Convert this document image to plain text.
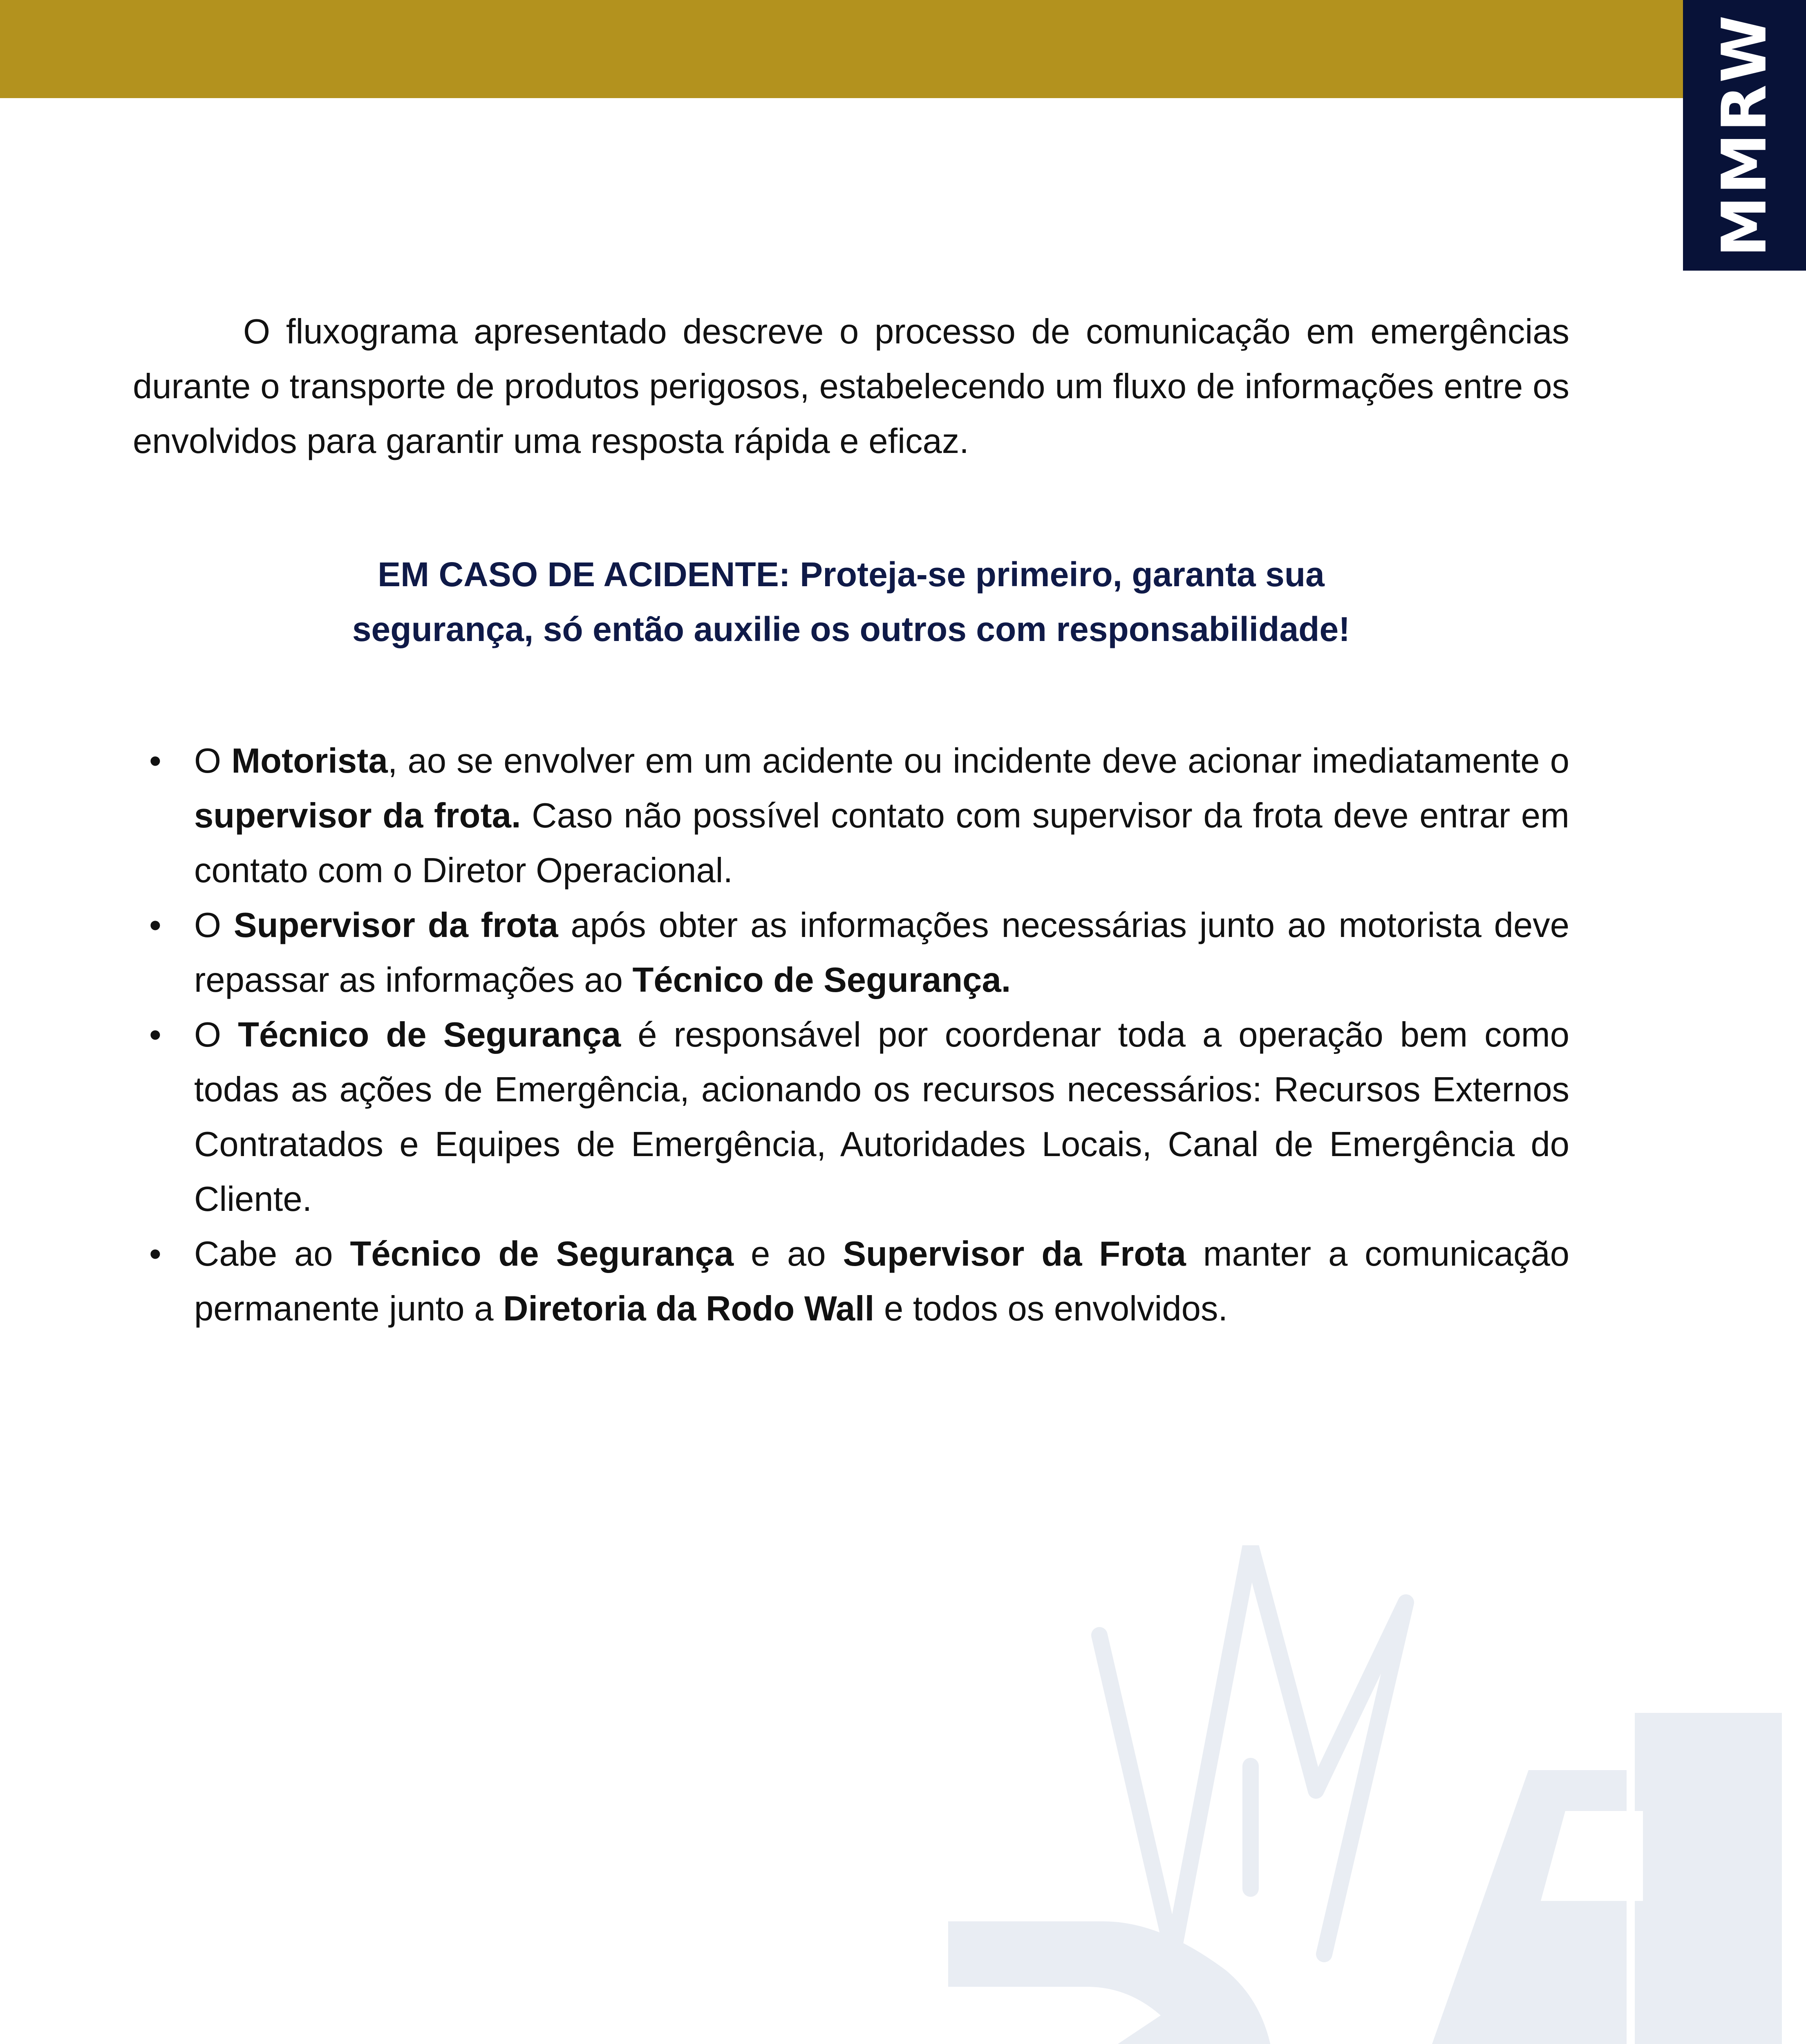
MMRW

O fluxograma apresentado descreve o processo de comunicação em emergências durante o transporte de produtos perigosos, estabelecendo um fluxo de informações entre os envolvidos para garantir uma resposta rápida e eficaz.

EM CASO DE ACIDENTE: Proteja-se primeiro, garanta sua
segurança, só então auxilie os outros com responsabilidade!
• O Motorista, ao se envolver em um acidente ou incidente deve acionar imediatamente o supervisor da frota. Caso não possível contato com supervisor da frota deve entrar em contato com o Diretor Operacional.
• O Supervisor da frota após obter as informações necessárias junto ao motorista deve repassar as informações ao Técnico de Segurança.
• O Técnico de Segurança é responsável por coordenar toda a operação bem como todas as ações de Emergência, acionando os recursos necessários: Recursos Externos Contratados e Equipes de Emergência, Autoridades Locais, Canal de Emergência do Cliente.
• Cabe ao Técnico de Segurança e ao Supervisor da Frota manter a comunicação permanente junto a Diretoria da Rodo Wall e todos os envolvidos.
